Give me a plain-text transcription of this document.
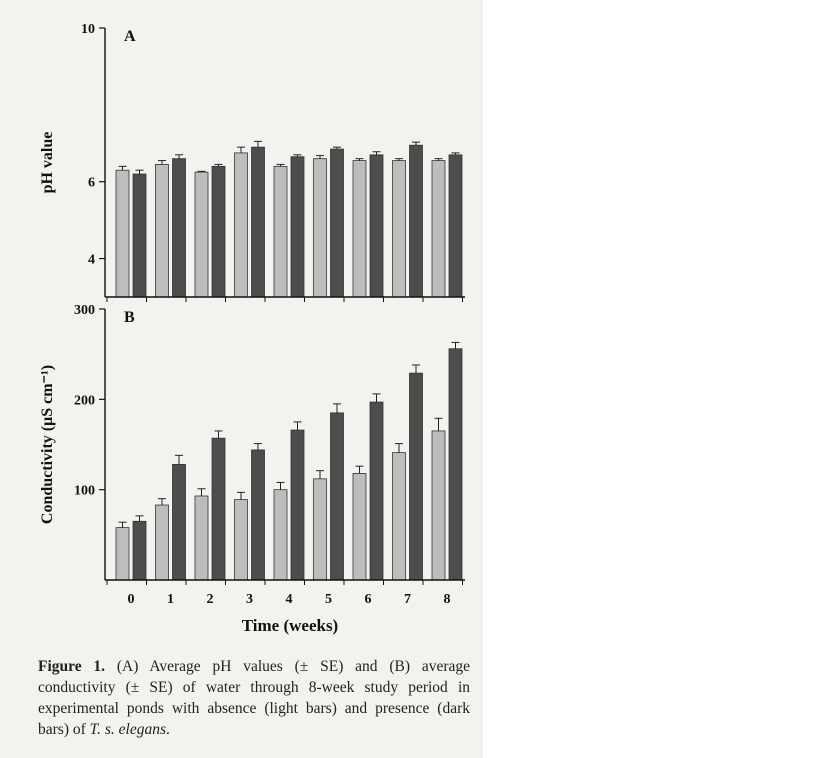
4
6
10 A
pH value
100
200
300 B
Conductivity (μS cm⁻¹)
0 1 2 3 4 5 6 7 8
Time (weeks)
Figure 1. (A) Average pH values (± SE) and (B) average conductivity (± SE) of water through 8-week study period in experimental ponds with absence (light bars) and presence (dark bars) of T. s. elegans.
